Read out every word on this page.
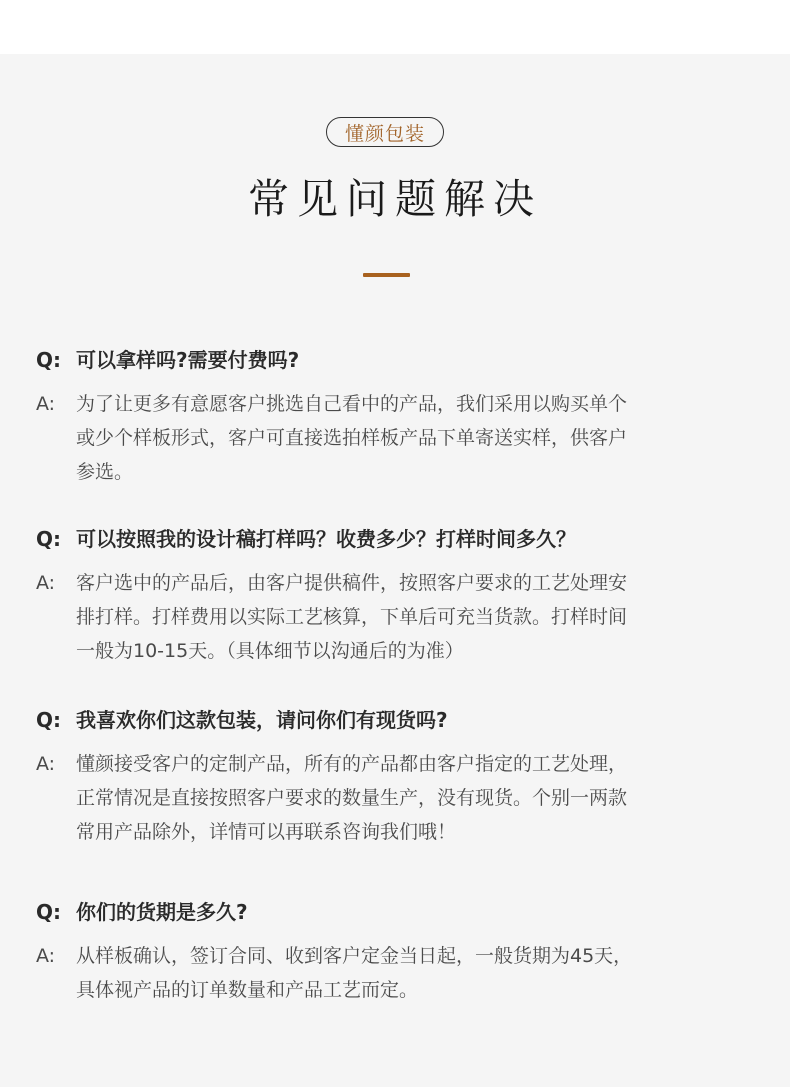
懂颜包装
常见问题解决
Q: 可以拿样吗?需要付费吗?
A:	为了让更多有意愿客户挑选自己看中的产品，我们采用以购买单个
或少个样板形式，客户可直接选拍样板产品下单寄送实样，供客户
参选。
Q: 可以按照我的设计稿打样吗？收费多少？打样时间多久？
A:	客户选中的产品后，由客户提供稿件，按照客户要求的工艺处理安
排打样。打样费用以实际工艺核算，下单后可充当货款。打样时间
一般为10-15天。（具体细节以沟通后的为准）
Q: 我喜欢你们这款包装，请问你们有现货吗?
A:	懂颜接受客户的定制产品，所有的产品都由客户指定的工艺处理，
正常情况是直接按照客户要求的数量生产，没有现货。个别一两款
常用产品除外，详情可以再联系咨询我们哦！
Q: 你们的货期是多久?
A:	从样板确认，签订合同、收到客户定金当日起，一般货期为45天，
具体视产品的订单数量和产品工艺而定。
